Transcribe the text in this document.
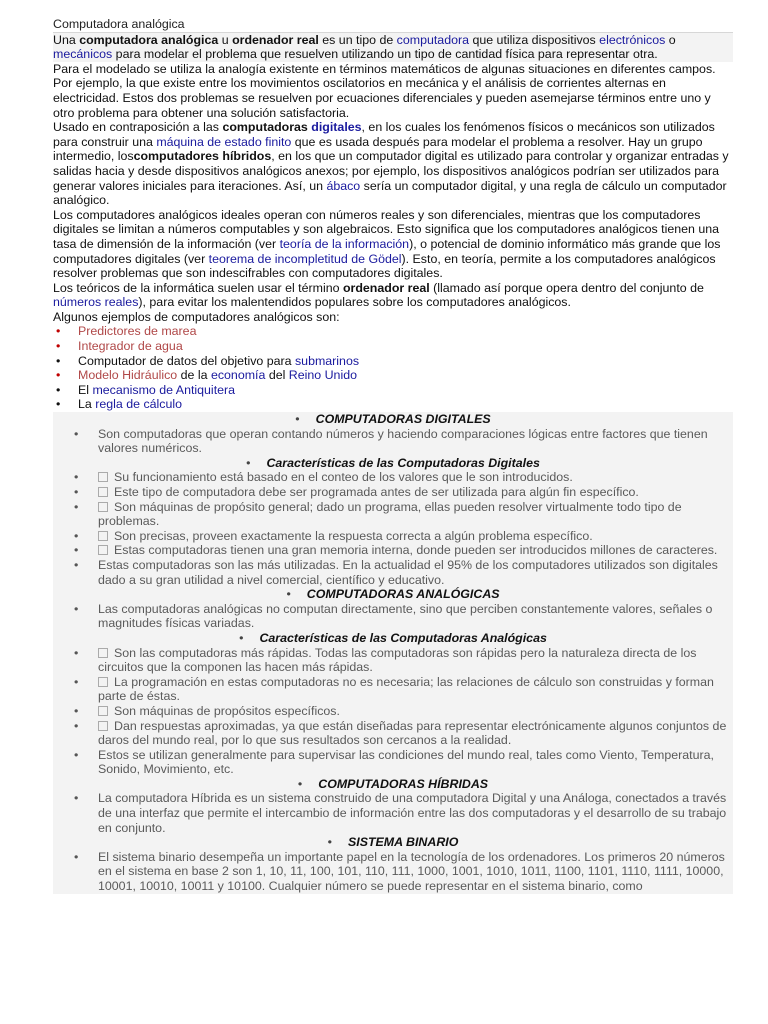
Computadora analógica

Una computadora analógica u ordenador real es un tipo de computadora que utiliza dispositivos electrónicos o mecánicos para modelar el problema que resuelven utilizando un tipo de cantidad física para representar otra.

Para el modelado se utiliza la analogía existente en términos matemáticos de algunas situaciones en diferentes campos. Por ejemplo, la que existe entre los movimientos oscilatorios en mecánica y el análisis de corrientes alternas en electricidad. Estos dos problemas se resuelven por ecuaciones diferenciales y pueden asemejarse términos entre uno y otro problema para obtener una solución satisfactoria.

Usado en contraposición a las computadoras digitales, en los cuales los fenómenos físicos o mecánicos son utilizados para construir una máquina de estado finito que es usada después para modelar el problema a resolver. Hay un grupo intermedio, loscomputadores híbridos, en los que un computador digital es utilizado para controlar y organizar entradas y salidas hacia y desde dispositivos analógicos anexos; por ejemplo, los dispositivos analógicos podrían ser utilizados para generar valores iniciales para iteraciones. Así, un ábaco sería un computador digital, y una regla de cálculo un computador analógico.

Los computadores analógicos ideales operan con números reales y son diferenciales, mientras que los computadores digitales se limitan a números computables y son algebraicos. Esto significa que los computadores analógicos tienen una tasa de dimensión de la información (ver teoría de la información), o potencial de dominio informático más grande que los computadores digitales (ver teorema de incompletitud de Gödel). Esto, en teoría, permite a los computadores analógicos resolver problemas que son indescifrables con computadores digitales.

Los teóricos de la informática suelen usar el término ordenador real (llamado así porque opera dentro del conjunto de números reales), para evitar los malentendidos populares sobre los computadores analógicos.

Algunos ejemplos de computadores analógicos son:

• Predictores de marea
• Integrador de agua
• Computador de datos del objetivo para submarinos
• Modelo Hidráulico de la economía del Reino Unido
• El mecanismo de Antiquitera
• La regla de cálculo
• COMPUTADORAS DIGITALES
• Son computadoras que operan contando números y haciendo comparaciones lógicas entre factores que tienen valores numéricos.
• Características de las Computadoras Digitales
• Su funcionamiento está basado en el conteo de los valores que le son introducidos.
• Este tipo de computadora debe ser programada antes de ser utilizada para algún fin específico.
• Son máquinas de propósito general; dado un programa, ellas pueden resolver virtualmente todo tipo de problemas.
• Son precisas, proveen exactamente la respuesta correcta a algún problema específico.
• Estas computadoras tienen una gran memoria interna, donde pueden ser introducidos millones de caracteres.
• Estas computadoras son las más utilizadas. En la actualidad el 95% de los computadores utilizados son digitales dado a su gran utilidad a nivel comercial, científico y educativo.
• COMPUTADORAS ANALÓGICAS
• Las computadoras analógicas no computan directamente, sino que perciben constantemente valores, señales o magnitudes físicas variadas.
• Características de las Computadoras Analógicas
• Son las computadoras más rápidas. Todas las computadoras son rápidas pero la naturaleza directa de los circuitos que la componen las hacen más rápidas.
• La programación en estas computadoras no es necesaria; las relaciones de cálculo son construidas y forman parte de éstas.
• Son máquinas de propósitos específicos.
• Dan respuestas aproximadas, ya que están diseñadas para representar electrónicamente algunos conjuntos de daros del mundo real, por lo que sus resultados son cercanos a la realidad.
• Estos se utilizan generalmente para supervisar las condiciones del mundo real, tales como Viento, Temperatura, Sonido, Movimiento, etc.
• COMPUTADORAS HÍBRIDAS
• La computadora Híbrida es un sistema construido de una computadora Digital y una Análoga, conectados a través de una interfaz que permite el intercambio de información entre las dos computadoras y el desarrollo de su trabajo en conjunto.
• SISTEMA BINARIO
• El sistema binario desempeña un importante papel en la tecnología de los ordenadores. Los primeros 20 números en el sistema en base 2 son 1, 10, 11, 100, 101, 110, 111, 1000, 1001, 1010, 1011, 1100, 1101, 1110, 1111, 10000, 10001, 10010, 10011 y 10100. Cualquier número se puede representar en el sistema binario, como
